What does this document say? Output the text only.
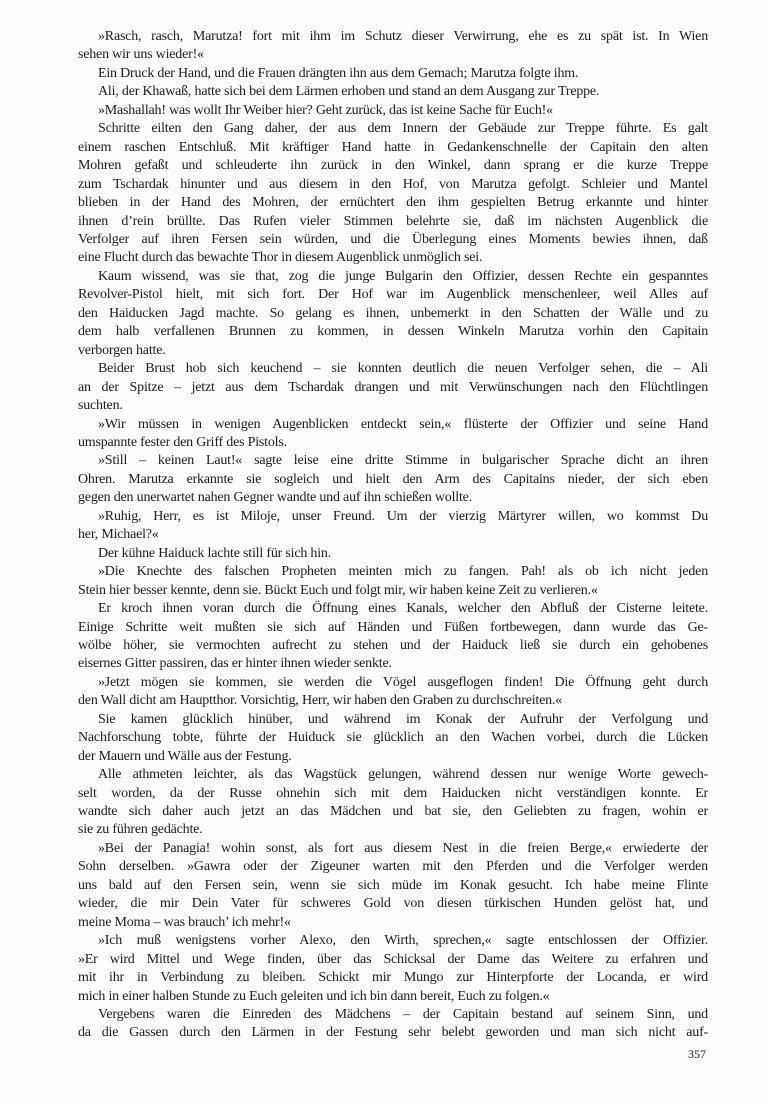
»Rasch, rasch, Marutza! fort mit ihm im Schutz dieser Verwirrung, ehe es zu spät ist. In Wien
sehen wir uns wieder!«

Ein Druck der Hand, und die Frauen drängten ihn aus dem Gemach; Marutza folgte ihm.

Ali, der Khawaß, hatte sich bei dem Lärmen erhoben und stand an dem Ausgang zur Treppe.

»Mashallah! was wollt Ihr Weiber hier? Geht zurück, das ist keine Sache für Euch!«

Schritte eilten den Gang daher, der aus dem Innern der Gebäude zur Treppe führte. Es galt
einem raschen Entschluß. Mit kräftiger Hand hatte in Gedankenschnelle der Capitain den alten
Mohren gefaßt und schleuderte ihn zurück in den Winkel, dann sprang er die kurze Treppe
zum Tschardak hinunter und aus diesem in den Hof, von Marutza gefolgt. Schleier und Mantel
blieben in der Hand des Mohren, der ernüchtert den ihm gespielten Betrug erkannte und hinter
ihnen d’rein brüllte. Das Rufen vieler Stimmen belehrte sie, daß im nächsten Augenblick die
Verfolger auf ihren Fersen sein würden, und die Überlegung eines Moments bewies ihnen, daß
eine Flucht durch das bewachte Thor in diesem Augenblick unmöglich sei.

Kaum wissend, was sie that, zog die junge Bulgarin den Offizier, dessen Rechte ein gespanntes
Revolver-Pistol hielt, mit sich fort. Der Hof war im Augenblick menschenleer, weil Alles auf
den Haiducken Jagd machte. So gelang es ihnen, unbemerkt in den Schatten der Wälle und zu
dem halb verfallenen Brunnen zu kommen, in dessen Winkeln Marutza vorhin den Capitain
verborgen hatte.

Beider Brust hob sich keuchend – sie konnten deutlich die neuen Verfolger sehen, die – Ali
an der Spitze – jetzt aus dem Tschardak drangen und mit Verwünschungen nach den Flüchtlingen
suchten.

»Wir müssen in wenigen Augenblicken entdeckt sein,« flüsterte der Offizier und seine Hand
umspannte fester den Griff des Pistols.

»Still – keinen Laut!« sagte leise eine dritte Stimme in bulgarischer Sprache dicht an ihren
Ohren. Marutza erkannte sie sogleich und hielt den Arm des Capitains nieder, der sich eben
gegen den unerwartet nahen Gegner wandte und auf ihn schießen wollte.

»Ruhig, Herr, es ist Miloje, unser Freund. Um der vierzig Märtyrer willen, wo kommst Du
her, Michael?«

Der kühne Haiduck lachte still für sich hin.

»Die Knechte des falschen Propheten meinten mich zu fangen. Pah! als ob ich nicht jeden
Stein hier besser kennte, denn sie. Bückt Euch und folgt mir, wir haben keine Zeit zu verlieren.«

Er kroch ihnen voran durch die Öffnung eines Kanals, welcher den Abfluß der Cisterne leitete.
Einige Schritte weit mußten sie sich auf Händen und Füßen fortbewegen, dann wurde das Ge-
wölbe höher, sie vermochten aufrecht zu stehen und der Haiduck ließ sie durch ein gehobenes
eisernes Gitter passiren, das er hinter ihnen wieder senkte.

»Jetzt mögen sie kommen, sie werden die Vögel ausgeflogen finden! Die Öffnung geht durch
den Wall dicht am Hauptthor. Vorsichtig, Herr, wir haben den Graben zu durchschreiten.«

Sie kamen glücklich hinüber, und während im Konak der Aufruhr der Verfolgung und
Nachforschung tobte, führte der Huiduck sie glücklich an den Wachen vorbei, durch die Lücken
der Mauern und Wälle aus der Festung.

Alle athmeten leichter, als das Wagstück gelungen, während dessen nur wenige Worte gewech-
selt worden, da der Russe ohnehin sich mit dem Haiducken nicht verständigen konnte. Er
wandte sich daher auch jetzt an das Mädchen und bat sie, den Geliebten zu fragen, wohin er
sie zu führen gedächte.

»Bei der Panagia! wohin sonst, als fort aus diesem Nest in die freien Berge,« erwiederte der
Sohn derselben. »Gawra oder der Zigeuner warten mit den Pferden und die Verfolger werden
uns bald auf den Fersen sein, wenn sie sich müde im Konak gesucht. Ich habe meine Flinte
wieder, die mir Dein Vater für schweres Gold von diesen türkischen Hunden gelöst hat, und
meine Moma – was brauch’ ich mehr!«

»Ich muß wenigstens vorher Alexo, den Wirth, sprechen,« sagte entschlossen der Offizier.
»Er wird Mittel und Wege finden, über das Schicksal der Dame das Weitere zu erfahren und
mit ihr in Verbindung zu bleiben. Schickt mir Mungo zur Hinterpforte der Locanda, er wird
mich in einer halben Stunde zu Euch geleiten und ich bin dann bereit, Euch zu folgen.«

Vergebens waren die Einreden des Mädchens – der Capitain bestand auf seinem Sinn, und
da die Gassen durch den Lärmen in der Festung sehr belebt geworden und man sich nicht auf-

357
